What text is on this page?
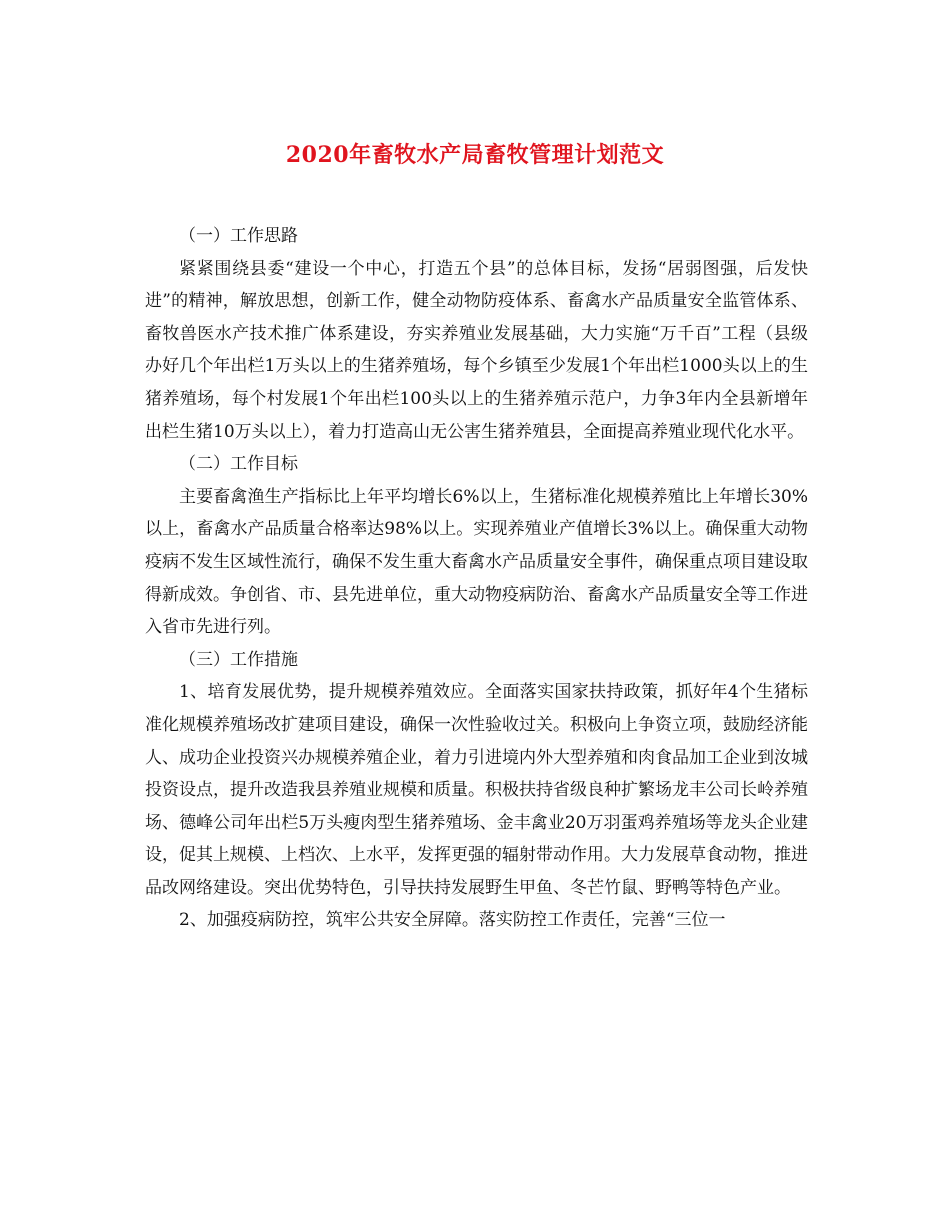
2020年畜牧水产局畜牧管理计划范文

（一）工作思路

紧紧围绕县委“建设一个中心，打造五个县”的总体目标，发扬“居弱图强，后发快进”的精神，解放思想，创新工作，健全动物防疫体系、畜禽水产品质量安全监管体系、畜牧兽医水产技术推广体系建设，夯实养殖业发展基础，大力实施“万千百”工程（县级办好几个年出栏1万头以上的生猪养殖场，每个乡镇至少发展1个年出栏1000头以上的生猪养殖场，每个村发展1个年出栏100头以上的生猪养殖示范户，力争3年内全县新增年出栏生猪10万头以上），着力打造高山无公害生猪养殖县，全面提高养殖业现代化水平。

（二）工作目标

主要畜禽渔生产指标比上年平均增长6%以上，生猪标准化规模养殖比上年增长30%以上，畜禽水产品质量合格率达98%以上。实现养殖业产值增长3%以上。确保重大动物疫病不发生区域性流行，确保不发生重大畜禽水产品质量安全事件，确保重点项目建设取得新成效。争创省、市、县先进单位，重大动物疫病防治、畜禽水产品质量安全等工作进入省市先进行列。

（三）工作措施

1、培育发展优势，提升规模养殖效应。全面落实国家扶持政策，抓好年4个生猪标准化规模养殖场改扩建项目建设，确保一次性验收过关。积极向上争资立项，鼓励经济能人、成功企业投资兴办规模养殖企业，着力引进境内外大型养殖和肉食品加工企业到汝城投资设点，提升改造我县养殖业规模和质量。积极扶持省级良种扩繁场龙丰公司长岭养殖场、德峰公司年出栏5万头瘦肉型生猪养殖场、金丰禽业20万羽蛋鸡养殖场等龙头企业建设，促其上规模、上档次、上水平，发挥更强的辐射带动作用。大力发展草食动物，推进品改网络建设。突出优势特色，引导扶持发展野生甲鱼、冬芒竹鼠、野鸭等特色产业。

2、加强疫病防控，筑牢公共安全屏障。落实防控工作责任，完善“三位一
